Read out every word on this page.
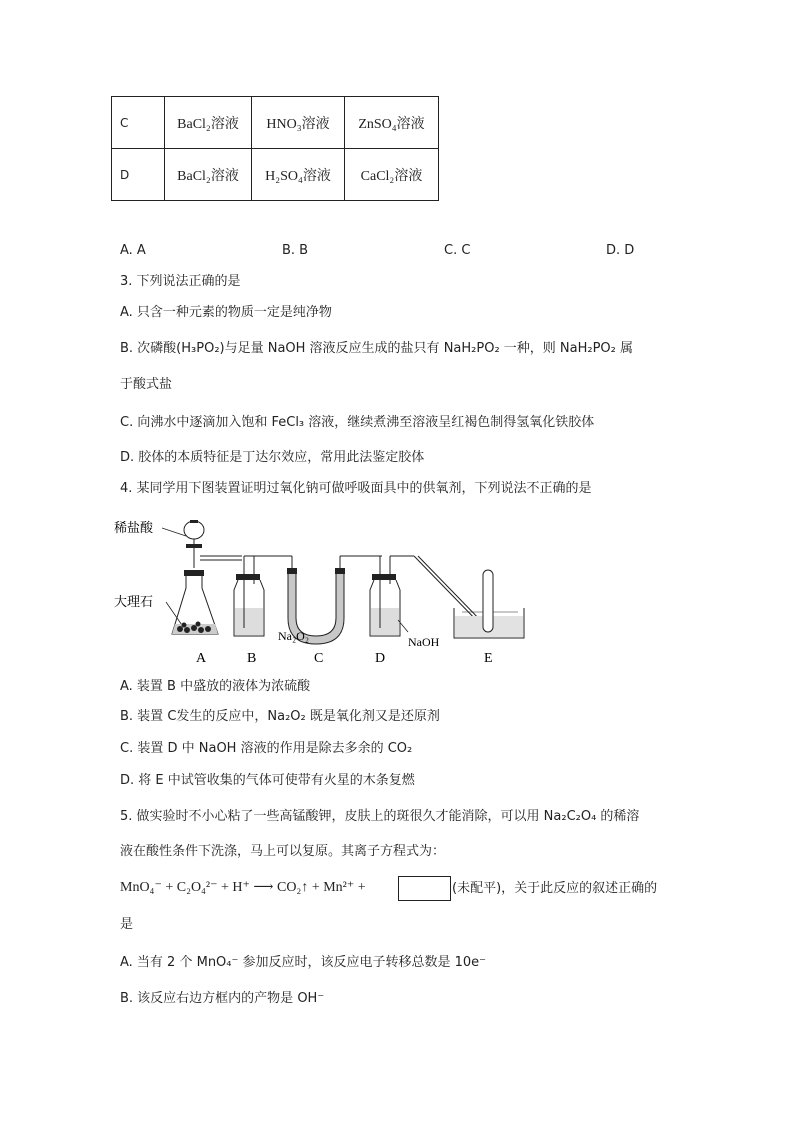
C	BaCl₂溶液	HNO₃溶液	ZnSO₄溶液
D	BaCl₂溶液	H₂SO₄溶液	CaCl₂溶液
A. A	B. B	C. C	D. D
3. 下列说法正确的是
A. 只含一种元素的物质一定是纯净物
B. 次磷酸(H₃PO₂)与足量 NaOH 溶液反应生成的盐只有 NaH₂PO₂ 一种，则 NaH₂PO₂ 属
于酸式盐
C. 向沸水中逐滴加入饱和 FeCl₃ 溶液，继续煮沸至溶液呈红褐色制得氢氧化铁胶体
D. 胶体的本质特征是丁达尔效应，常用此法鉴定胶体
4. 某同学用下图装置证明过氧化钠可做呼吸面具中的供氧剂，下列说法不正确的是
稀盐酸
大理石
Na₂O₂	NaOH
A	B	C	D	E
A. 装置 B 中盛放的液体为浓硫酸
B. 装置 C发生的反应中，Na₂O₂ 既是氧化剂又是还原剂
C. 装置 D 中 NaOH 溶液的作用是除去多余的 CO₂
D. 将 E 中试管收集的气体可使带有火星的木条复燃
5. 做实验时不小心粘了一些高锰酸钾，皮肤上的斑很久才能消除，可以用 Na₂C₂O₄ 的稀溶
液在酸性条件下洗涤，马上可以复原。其离子方程式为：
MnO₄⁻ + C₂O₄²⁻ + H⁺ ⟶ CO₂↑ + Mn²⁺ +	(未配平)，关于此反应的叙述正确的
是
A. 当有 2 个 MnO₄⁻ 参加反应时，该反应电子转移总数是 10e⁻
B. 该反应右边方框内的产物是 OH⁻
